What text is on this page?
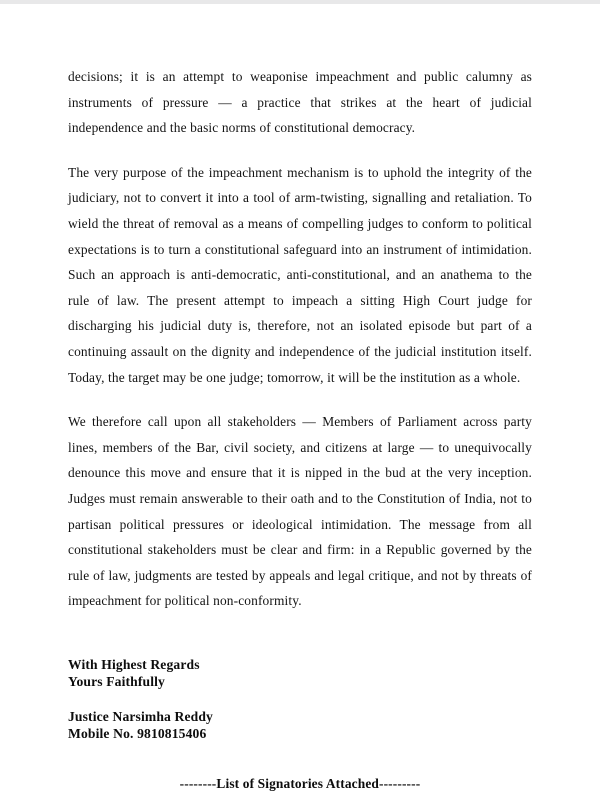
decisions; it is an attempt to weaponise impeachment and public calumny as instruments of pressure — a practice that strikes at the heart of judicial independence and the basic norms of constitutional democracy.

The very purpose of the impeachment mechanism is to uphold the integrity of the judiciary, not to convert it into a tool of arm-twisting, signalling and retaliation. To wield the threat of removal as a means of compelling judges to conform to political expectations is to turn a constitutional safeguard into an instrument of intimidation. Such an approach is anti-democratic, anti-constitutional, and an anathema to the rule of law. The present attempt to impeach a sitting High Court judge for discharging his judicial duty is, therefore, not an isolated episode but part of a continuing assault on the dignity and independence of the judicial institution itself. Today, the target may be one judge; tomorrow, it will be the institution as a whole.

We therefore call upon all stakeholders — Members of Parliament across party lines, members of the Bar, civil society, and citizens at large — to unequivocally denounce this move and ensure that it is nipped in the bud at the very inception. Judges must remain answerable to their oath and to the Constitution of India, not to partisan political pressures or ideological intimidation. The message from all constitutional stakeholders must be clear and firm: in a Republic governed by the rule of law, judgments are tested by appeals and legal critique, and not by threats of impeachment for political non-conformity.

With Highest Regards
Yours Faithfully
Justice Narsimha Reddy
Mobile No. 9810815406
--------List of Signatories Attached---------
